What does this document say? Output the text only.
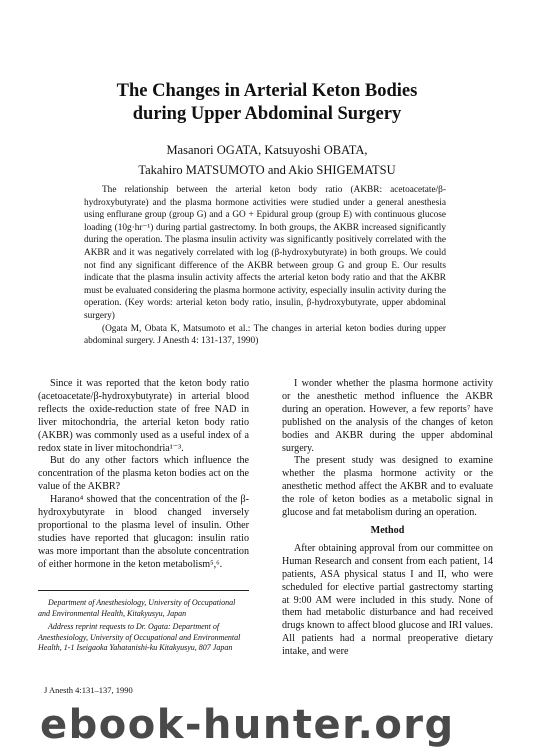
The Changes in Arterial Keton Bodies
during Upper Abdominal Surgery
Masanori OGATA, Katsuyoshi OBATA,
Takahiro MATSUMOTO and Akio SHIGEMATSU

The relationship between the arterial keton body ratio (AKBR: acetoacetate/β-hydroxybutyrate) and the plasma hormone activities were studied under a general anesthesia using enflurane group (group G) and a GO + Epidural group (group E) with continuous glucose loading (10g·hr⁻¹) during partial gastrectomy. In both groups, the AKBR increased significantly during the operation. The plasma insulin activity was significantly positively correlated with the AKBR and it was negatively correlated with log (β-hydroxybutyrate) in both groups. We could not find any significant difference of the AKBR between group G and group E. Our results indicate that the plasma insulin activity affects the arterial keton body ratio and that the AKBR must be evaluated considering the plasma hormone activity, especially insulin activity during the operation. (Key words: arterial keton body ratio, insulin, β-hydroxybutyrate, upper abdominal surgery)

(Ogata M, Obata K, Matsumoto et al.: The changes in arterial keton bodies during upper abdominal surgery. J Anesth 4: 131-137, 1990)

Since it was reported that the keton body ratio (acetoacetate/β-hydroxybutyrate) in arterial blood reflects the oxide-reduction state of free NAD in liver mitochondria, the arterial keton body ratio (AKBR) was commonly used as a useful index of a redox state in liver mitochondria¹⁻³.

But do any other factors which influence the concentration of the plasma keton bodies act on the value of the AKBR?

Harano⁴ showed that the concentration of the β-hydroxybutyrate in blood changed inversely proportional to the plasma level of insulin. Other studies have reported that glucagon: insulin ratio was more important than the absolute concentration of either hormone in the keton metabolism⁵,⁶.

Department of Anesthesiology, University of Occupational and Environmental Health, Kitakyusyu, Japan

Address reprint requests to Dr. Ogata: Department of Anesthesiology, University of Occupational and Environmental Health, 1-1 Iseigaoka Yahatanishi-ku Kitakyusyu, 807 Japan

J Anesth 4:131–137, 1990

I wonder whether the plasma hormone activity or the anesthetic method influence the AKBR during an operation. However, a few reports⁷ have published on the analysis of the changes of keton bodies and AKBR during the upper abdominal surgery.

The present study was designed to examine whether the plasma hormone activity or the anesthetic method affect the AKBR and to evaluate the role of keton bodies as a metabolic signal in glucose and fat metabolism during an operation.

Method

After obtaining approval from our committee on Human Research and consent from each patient, 14 patients, ASA physical status I and II, who were scheduled for elective partial gastrectomy starting at 9:00 AM were included in this study. None of them had metabolic disturbance and had received drugs known to affect blood glucose and IRI values. All patients had a normal preoperative dietary intake, and were

ebook-hunter.org
